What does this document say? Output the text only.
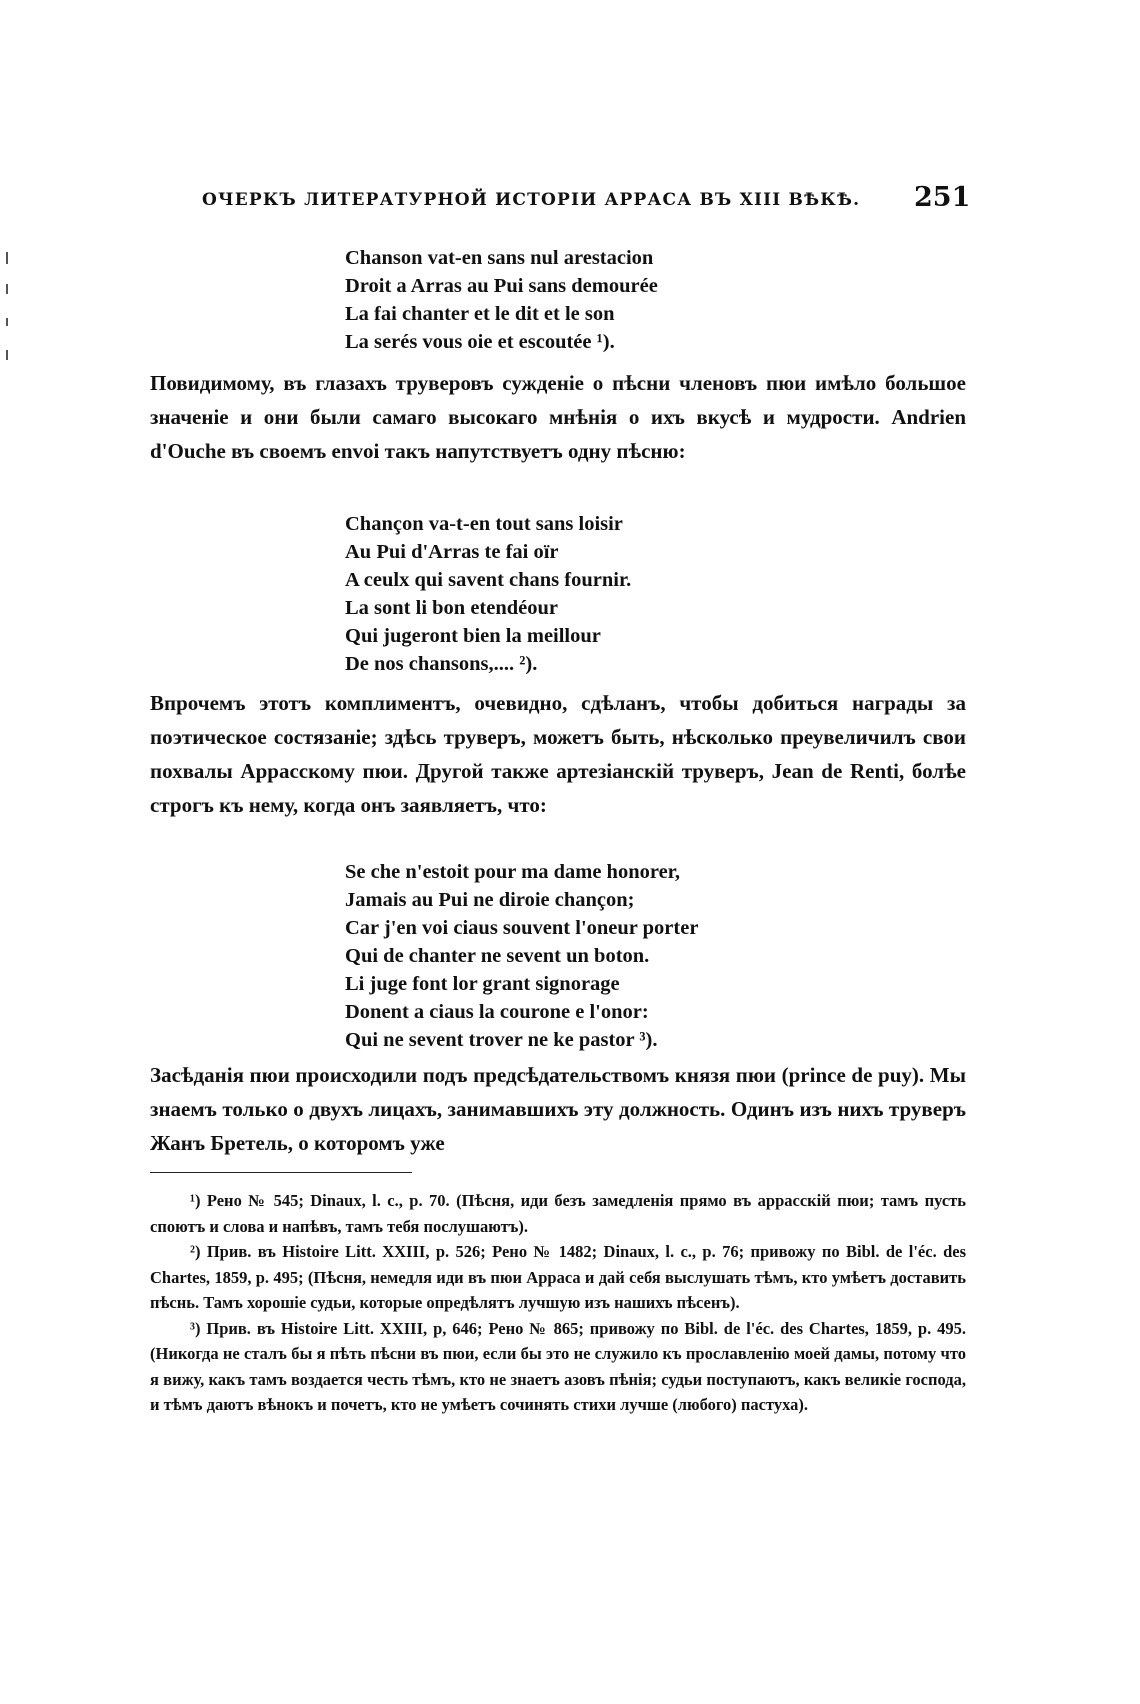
ОЧЕРКЪ ЛИТЕРАТУРНОЙ ИСТОРІИ АРРАСА ВЪ XIII ВѢКѢ.	251
Chanson vat-en sans nul arestacion
Droit a Arras au Pui sans demourée
La fai chanter et le dit et le son
La serés vous oie et escoutée ¹).
Повидимому, въ глазахъ труверовъ сужденіе о пѣсни членовъ пюи имѣло большое значеніе и они были самаго высокаго мнѣнія о ихъ вкусѣ и мудрости. Andrien d'Ouche въ своемъ envoi такъ напутствуетъ одну пѣсню:
Chançon va-t-en tout sans loisir
Au Pui d'Arras te fai oïr
A ceulx qui savent chans fournir.
La sont li bon etendéour
Qui jugeront bien la meillour
De nos chansons,.... ²).
Впрочемъ этотъ комплиментъ, очевидно, сдѣланъ, чтобы добиться награды за поэтическое состязаніе; здѣсь труверъ, можетъ быть, нѣсколько преувеличилъ свои похвалы Аррасскому пюи. Другой также артезіанскій труверъ, Jean de Renti, болѣе строгъ къ нему, когда онъ заявляетъ, что:
Se che n'estoit pour ma dame honorer,
Jamais au Pui ne diroie chançon;
Car j'en voi ciaus souvent l'oneur porter
Qui de chanter ne sevent un boton.
Li juge font lor grant signorage
Donent a ciaus la courone e l'onor:
Qui ne sevent trover ne ke pastor ³).
Засѣданія пюи происходили подъ предсѣдательствомъ князя пюи (prince de puy). Мы знаемъ только о двухъ лицахъ, занимавшихъ эту должность. Одинъ изъ нихъ труверъ Жанъ Бретель, о которомъ уже

¹) Рено № 545; Dinaux, l. c., p. 70. (Пѣсня, иди безъ замедленія прямо въ аррасскій пюи; тамъ пусть споютъ и слова и напѣвъ, тамъ тебя послушаютъ).

²) Прив. въ Histoire Litt. XXIII, p. 526; Рено № 1482; Dinaux, l. c., p. 76; привожу по Bibl. de l'éc. des Chartes, 1859, p. 495; (Пѣсня, немедля иди въ пюи Арраса и дай себя выслушать тѣмъ, кто умѣетъ доставить пѣснь. Тамъ хорошіе судьи, которые опредѣлятъ лучшую изъ нашихъ пѣсенъ).

³) Прив. въ Histoire Litt. XXIII, p, 646; Рено № 865; привожу по Bibl. de l'éc. des Chartes, 1859, p. 495. (Никогда не сталъ бы я пѣть пѣсни въ пюи, если бы это не служило къ прославленію моей дамы, потому что я вижу, какъ тамъ воздается честь тѣмъ, кто не знаетъ азовъ пѣнія; судьи поступаютъ, какъ великіе господа, и тѣмъ даютъ вѣнокъ и почетъ, кто не умѣетъ сочинять стихи лучше (любого) пастуха).
